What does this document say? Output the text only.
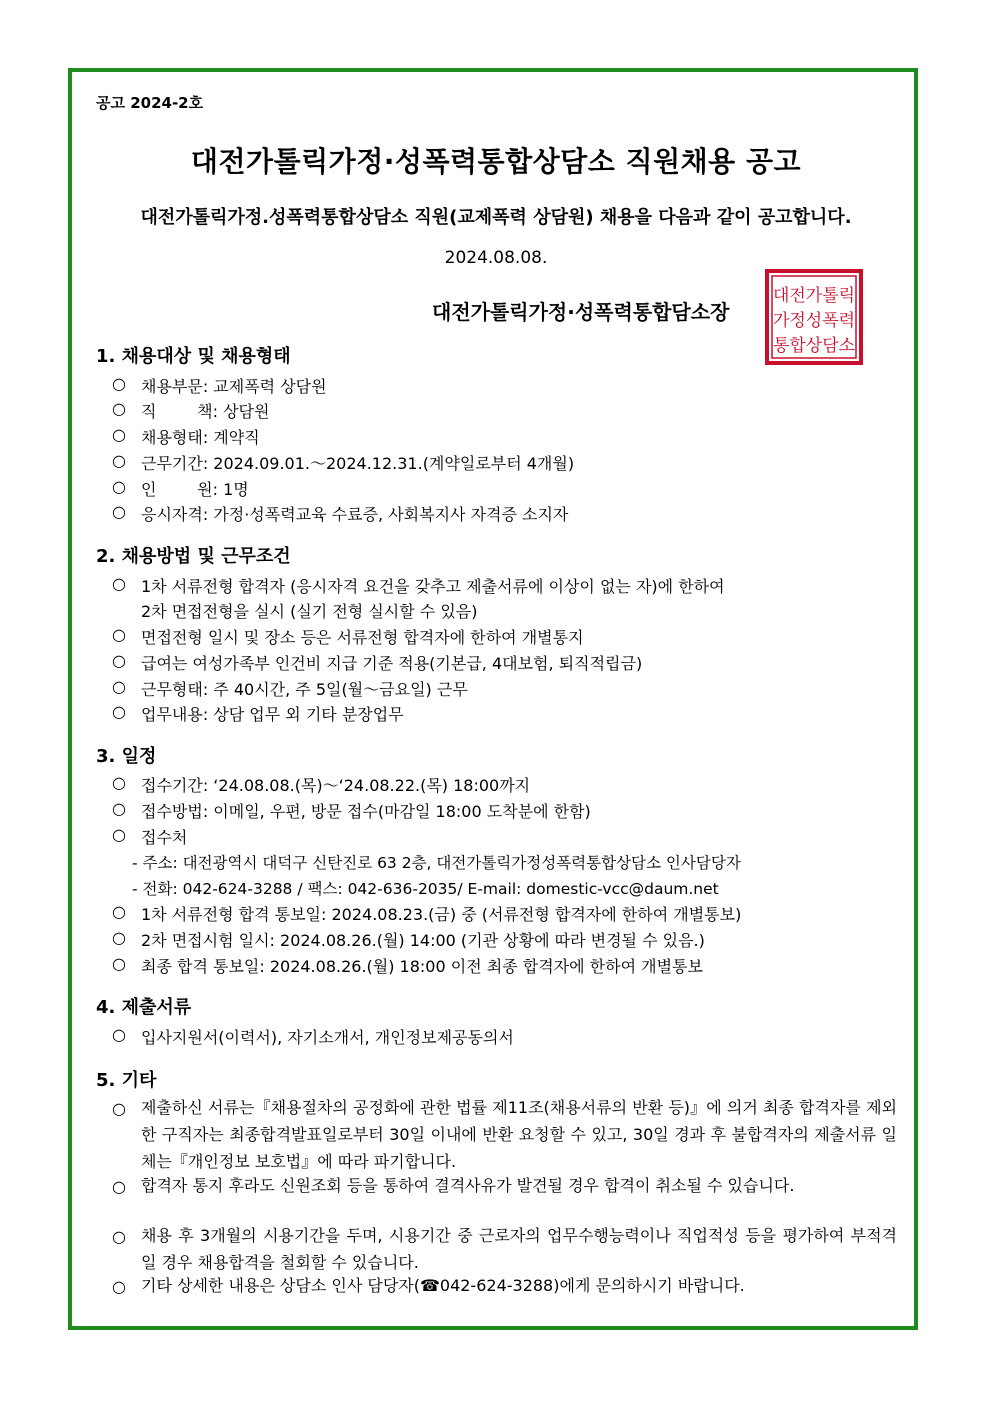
공고 2024-2호
대전가톨릭가정·성폭력통합상담소 직원채용 공고
대전가톨릭가정.성폭력통합상담소 직원(교제폭력 상담원) 채용을 다음과 같이 공고합니다.
2024.08.08.
대전가톨릭가정·성폭력통합담소장
대전가톨릭
가정성폭력
통합상담소
1. 채용대상 및 채용형태
○ 채용부문: 교제폭력 상담원
○ 직        책: 상담원
○ 채용형태: 계약직
○ 근무기간: 2024.09.01.～2024.12.31.(계약일로부터 4개월)
○ 인        원: 1명
○ 응시자격: 가정·성폭력교육 수료증, 사회복지사 자격증 소지자
2. 채용방법 및 근무조건
○ 1차 서류전형 합격자 (응시자격 요건을 갖추고 제출서류에 이상이 없는 자)에 한하여
2차 면접전형을 실시 (실기 전형 실시할 수 있음)
○ 면접전형 일시 및 장소 등은 서류전형 합격자에 한하여 개별통지
○ 급여는 여성가족부 인건비 지급 기준 적용(기본급, 4대보험, 퇴직적립금)
○ 근무형태: 주 40시간, 주 5일(월～금요일) 근무
○ 업무내용: 상담 업무 외 기타 분장업무
3. 일정
○ 접수기간: ‘24.08.08.(목)～‘24.08.22.(목) 18:00까지
○ 접수방법: 이메일, 우편, 방문 접수(마감일 18:00 도착분에 한함)
○ 접수처
- 주소: 대전광역시 대덕구 신탄진로 63 2층, 대전가톨릭가정성폭력통합상담소 인사담당자
- 전화: 042-624-3288 / 팩스: 042-636-2035/ E-mail: domestic-vcc@daum.net
○ 1차 서류전형 합격 통보일: 2024.08.23.(금) 중 (서류전형 합격자에 한하여 개별통보)
○ 2차 면접시험 일시: 2024.08.26.(월) 14:00 (기관 상황에 따라 변경될 수 있음.)
○ 최종 합격 통보일: 2024.08.26.(월) 18:00 이전 최종 합격자에 한하여 개별통보
4. 제출서류
○ 입사지원서(이력서), 자기소개서, 개인정보제공동의서
5. 기타
○ 제출하신 서류는『채용절차의 공정화에 관한 법률 제11조(채용서류의 반환 등)』에 의거 최종 합격자를 제외한 구직자는 최종합격발표일로부터 30일 이내에 반환 요청할 수 있고, 30일 경과 후 불합격자의 제출서류 일체는『개인정보 보호법』에 따라 파기합니다.
○ 합격자 통지 후라도 신원조회 등을 통하여 결격사유가 발견될 경우 합격이 취소될 수 있습니다.
○ 채용 후 3개월의 시용기간을 두며, 시용기간 중 근로자의 업무수행능력이나 직업적성 등을 평가하여 부적격일 경우 채용합격을 철회할 수 있습니다.
○ 기타 상세한 내용은 상담소 인사 담당자(☎042-624-3288)에게 문의하시기 바랍니다.
